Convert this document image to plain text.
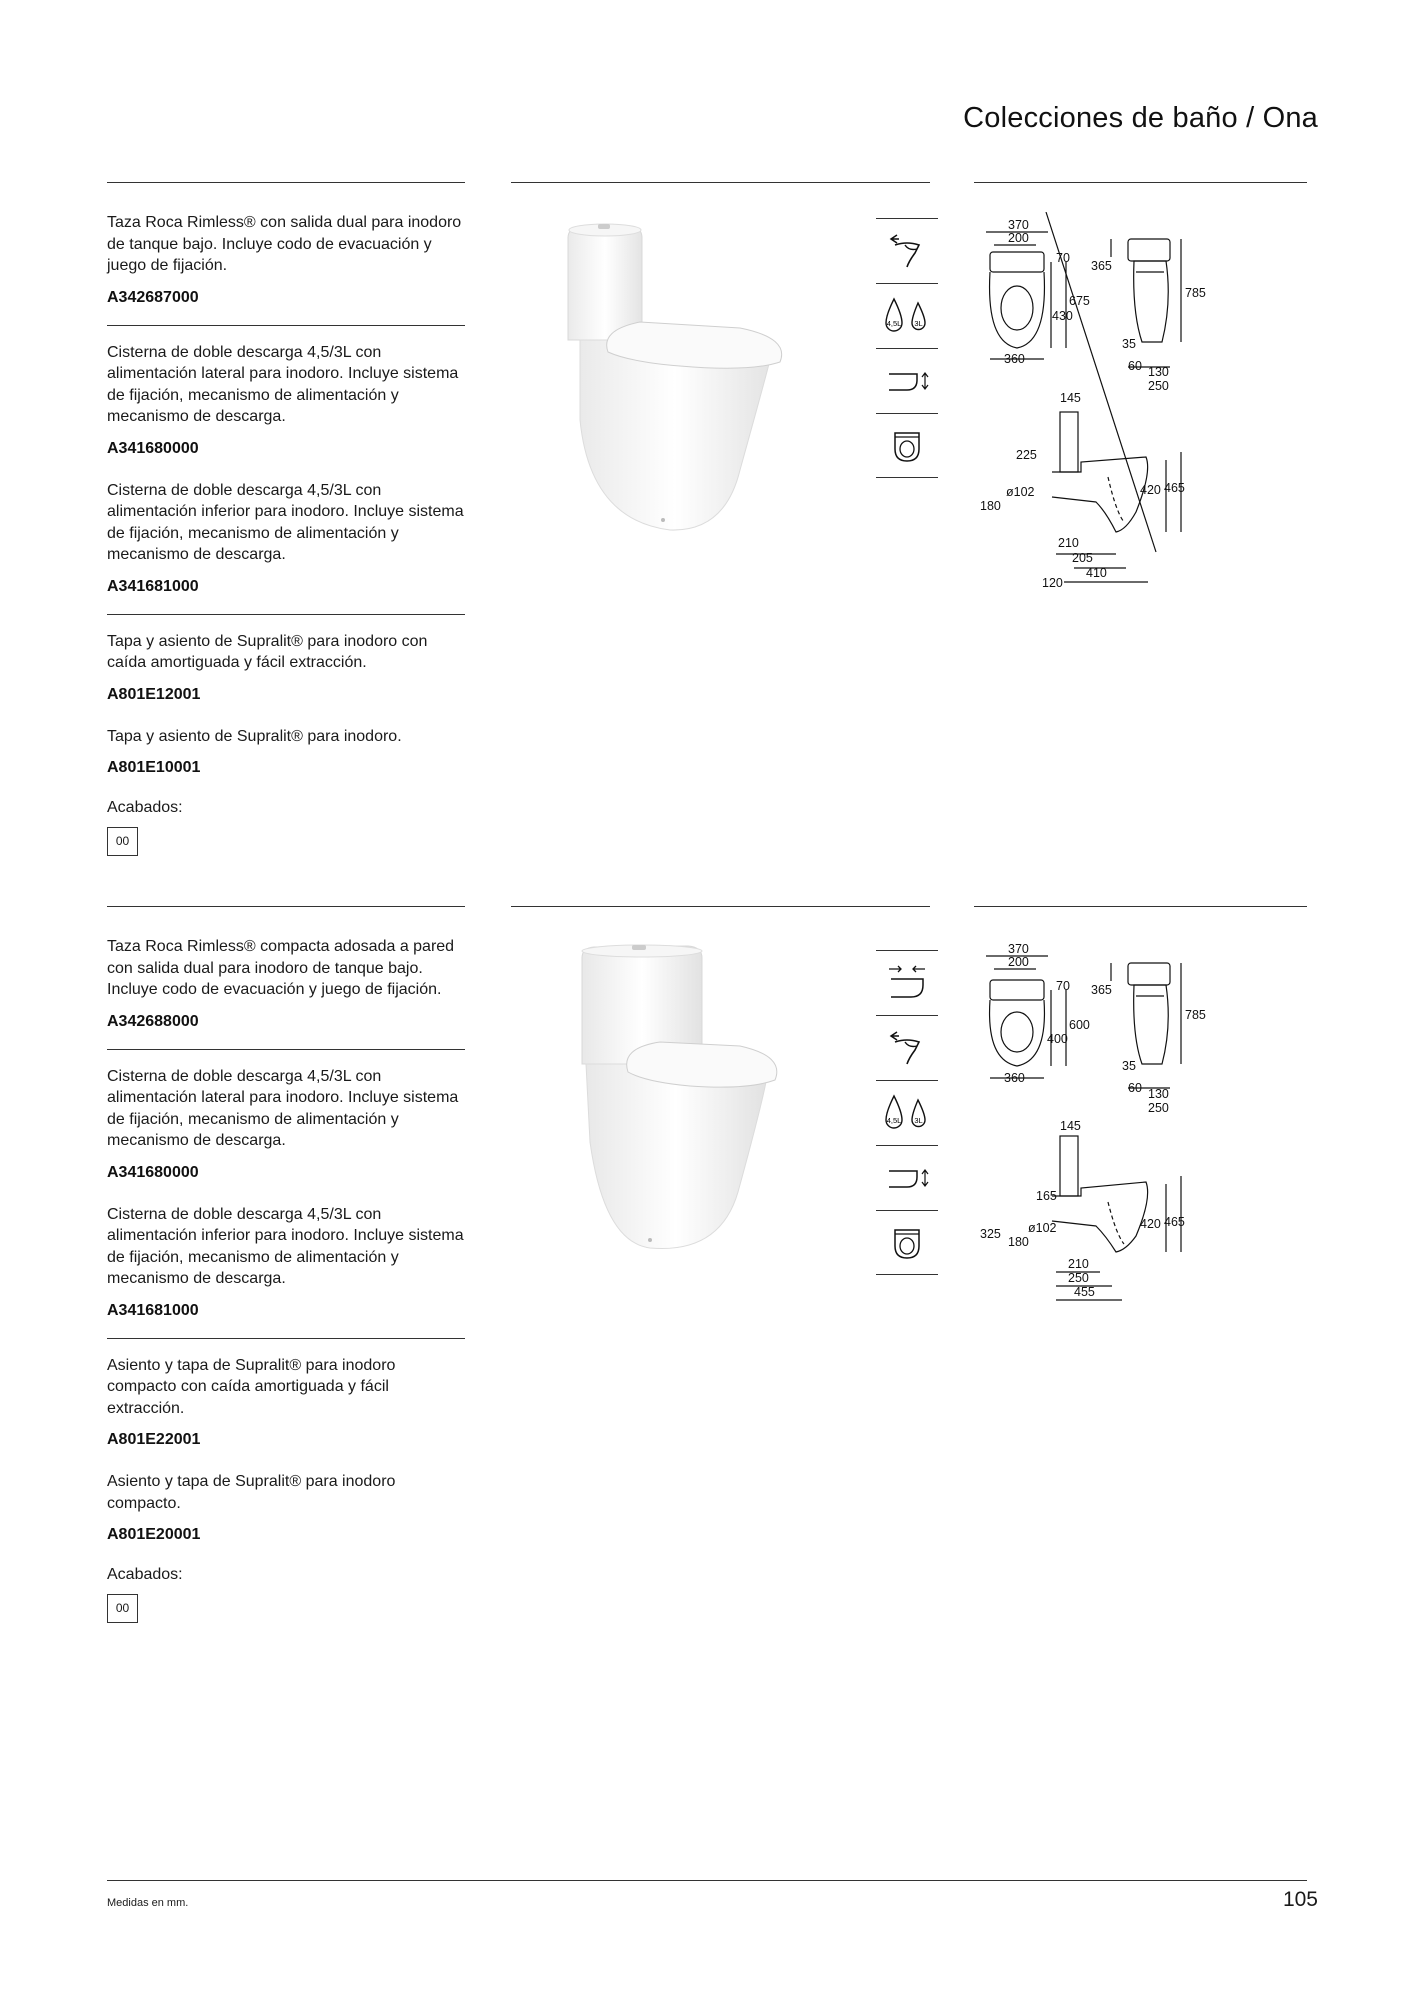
Colecciones de baño / Ona
Taza Roca Rimless® con salida dual para inodoro de tanque bajo. Incluye codo de evacuación y juego de fijación.
A342687000
Cisterna de doble descarga 4,5/3L con alimentación lateral para inodoro. Incluye sistema de fijación, mecanismo de alimentación y mecanismo de descarga.
A341680000
Cisterna de doble descarga 4,5/3L con alimentación inferior para inodoro. Incluye sistema de fijación, mecanismo de alimentación y mecanismo de descarga.
A341681000
Tapa y asiento de Supralit® para inodoro con caída amortiguada y fácil extracción.
A801E12001
Tapa y asiento de Supralit® para inodoro.
A801E10001
Acabados:
00
4,5L 3L
370
200
70
675
430
360
365
785
35
60 130
250
145
225
ø102
180
420 465
210
205
410
120
Taza Roca Rimless® compacta adosada a pared con salida dual para inodoro de tanque bajo. Incluye codo de evacuación y juego de fijación.
A342688000
Cisterna de doble descarga 4,5/3L con alimentación lateral para inodoro. Incluye sistema de fijación, mecanismo de alimentación y mecanismo de descarga.
A341680000
Cisterna de doble descarga 4,5/3L con alimentación inferior para inodoro. Incluye sistema de fijación, mecanismo de alimentación y mecanismo de descarga.
A341681000
Asiento y tapa de Supralit® para inodoro compacto con caída amortiguada y fácil extracción.
A801E22001
Asiento y tapa de Supralit® para inodoro compacto.
A801E20001
Acabados:
00
4,5L 3L
370
200
70
600
400
360
365
785
35
60 130
250
145
165
ø102
325
180
420 465
210
250
455
Medidas en mm.	105
